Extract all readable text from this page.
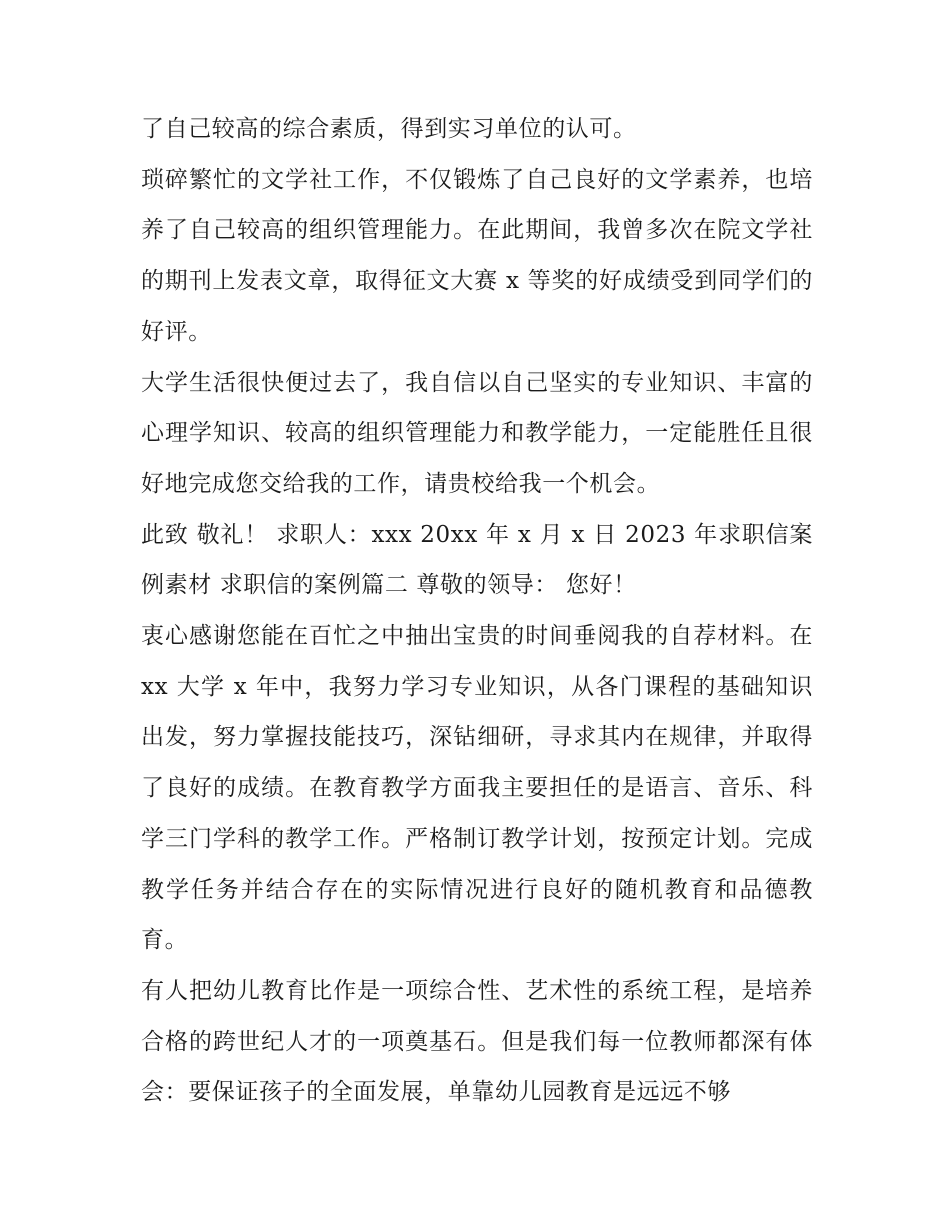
了自己较高的综合素质，得到实习单位的认可。

琐碎繁忙的文学社工作，不仅锻炼了自己良好的文学素养，也培养了自己较高的组织管理能力。在此期间，我曾多次在院文学社的期刊上发表文章，取得征文大赛 x 等奖的好成绩受到同学们的好评。

大学生活很快便过去了，我自信以自己坚实的专业知识、丰富的心理学知识、较高的组织管理能力和教学能力，一定能胜任且很好地完成您交给我的工作，请贵校给我一个机会。

此致 敬礼！ 求职人：xxx 20xx 年 x 月 x 日 2023 年求职信案例素材 求职信的案例篇二 尊敬的领导： 您好！

衷心感谢您能在百忙之中抽出宝贵的时间垂阅我的自荐材料。在 xx 大学 x 年中，我努力学习专业知识，从各门课程的基础知识出发，努力掌握技能技巧，深钻细研，寻求其内在规律，并取得了良好的成绩。在教育教学方面我主要担任的是语言、音乐、科学三门学科的教学工作。严格制订教学计划，按预定计划。完成教学任务并结合存在的实际情况进行良好的随机教育和品德教育。

有人把幼儿教育比作是一项综合性、艺术性的系统工程，是培养合格的跨世纪人才的一项奠基石。但是我们每一位教师都深有体会：要保证孩子的全面发展，单靠幼儿园教育是远远不够
